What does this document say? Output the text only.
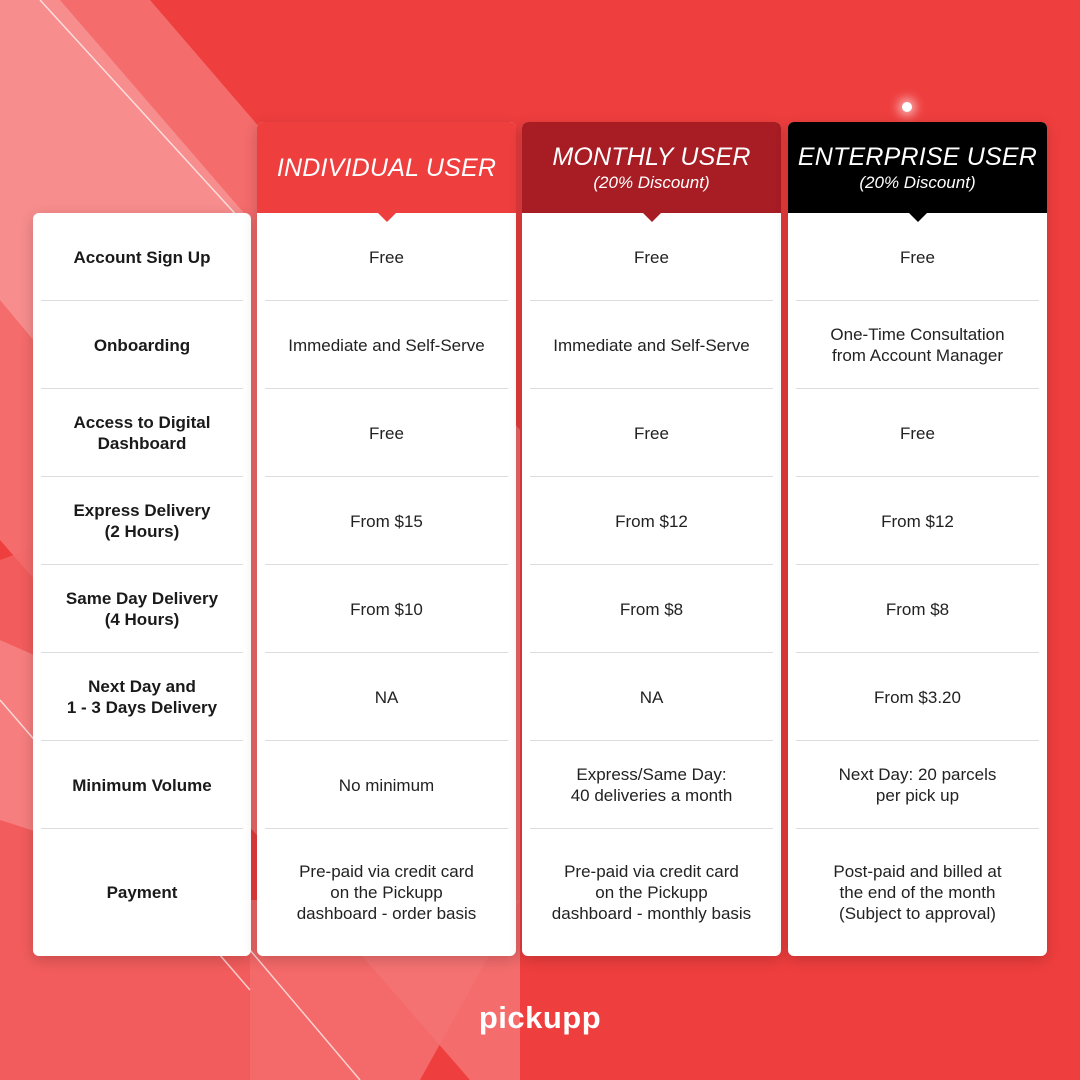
Account Sign Up
Onboarding
Access to Digital
Dashboard
Express Delivery
(2 Hours)
Same Day Delivery
(4 Hours)
Next Day and
1 - 3 Days Delivery
Minimum Volume
Payment
INDIVIDUAL USER
Free
Immediate and Self-Serve
Free
From $15
From $10
NA
No minimum
Pre-paid via credit card
on the Pickupp
dashboard - order basis
MONTHLY USER
(20% Discount)
Free
Immediate and Self-Serve
Free
From $12
From $8
NA
Express/Same Day:
40 deliveries a month
Pre-paid via credit card
on the Pickupp
dashboard - monthly basis
ENTERPRISE USER
(20% Discount)
Free
One-Time Consultation
from Account Manager
Free
From $12
From $8
From $3.20
Next Day: 20 parcels
per pick up
Post-paid and billed at
the end of the month
(Subject to approval)
pickupp
